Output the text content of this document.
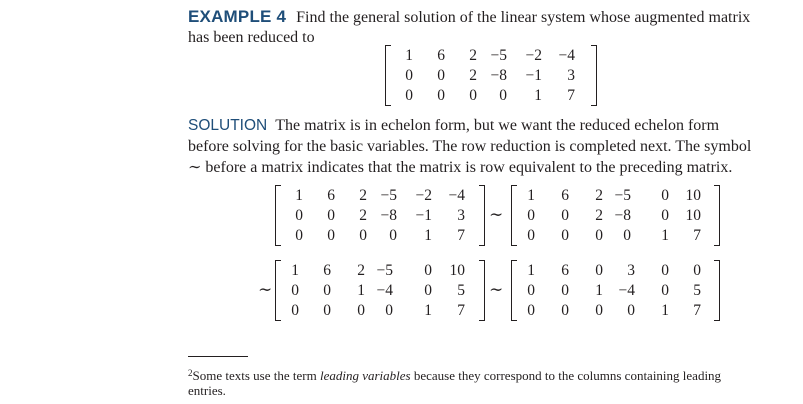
EXAMPLE 4 Find the general solution of the linear system whose augmented matrix
has been reduced to
1	6	2 −5	−2	−4
0	0	2 −8	−1	3
0	0	0	0	1	7
SOLUTION The matrix is in echelon form, but we want the reduced echelon form
before solving for the basic variables. The row reduction is completed next. The symbol
∼ before a matrix indicates that the matrix is row equivalent to the preceding matrix.
1	6	2 −5	−2	−4
0	0	2 −8	−1	3
0	0	0	0	1	7
∼
1	6	2 −5	0	10
0	0	2 −8	0	10
0	0	0	0	1	7
∼
1	6	2 −5	0	10
0	0	1 −4	0	5
0	0	0	0	1	7
∼
1	6	0	3	0	0
0	0	1	−4	0	5
0	0	0	0	1	7
$^2$Some texts use the term leading variables because they correspond to the columns containing leading
entries.
